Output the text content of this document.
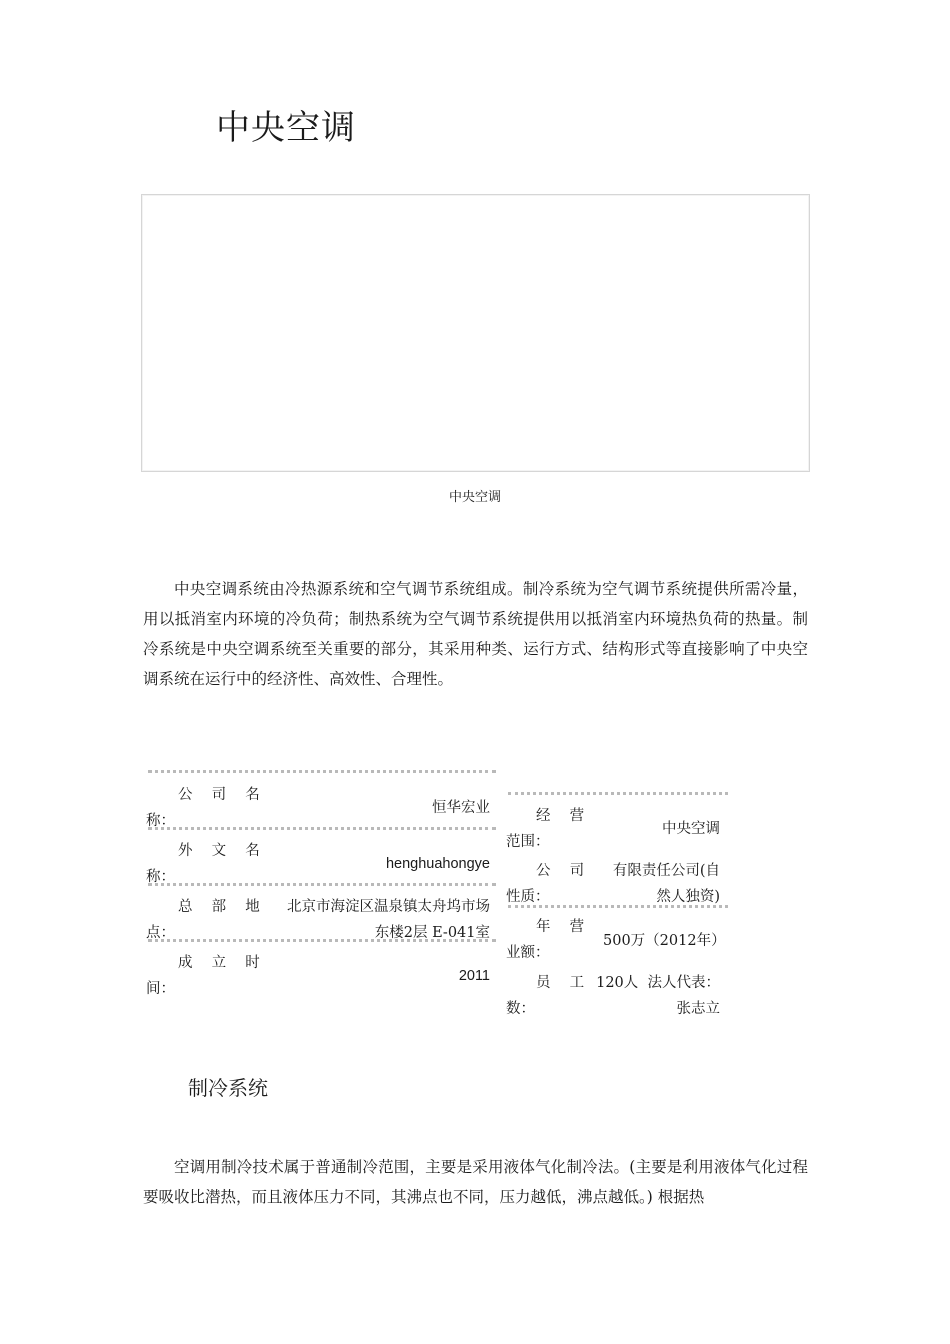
中央空调
中央空调
中央空调系统由冷热源系统和空气调节系统组成。制冷系统为空气调节系统提供所需冷量，用以抵消室内环境的冷负荷；制热系统为空气调节系统提供用以抵消室内环境热负荷的热量。制冷系统是中央空调系统至关重要的部分，其采用种类、运行方式、结构形式等直接影响了中央空调系统在运行中的经济性、高效性、合理性。
公 司 名
称：
恒华宏业
外 文 名
称：
henghuahongye
总 部 地
点：
北京市海淀区温泉镇太舟坞市场
东楼2层 E-041室
成 立 时
间：
2011
经 营
范围：
中央空调
公 司
性质：
有限责任公司(自
然人独资)
年 营
业额：
500万（2012年）
员 工
数：
120人  法人代表：
张志立
制冷系统
空调用制冷技术属于普通制冷范围，主要是采用液体气化制冷法。(主要是利用液体气化过程要吸收比潜热，而且液体压力不同，其沸点也不同，压力越低，沸点越低。) 根据热
